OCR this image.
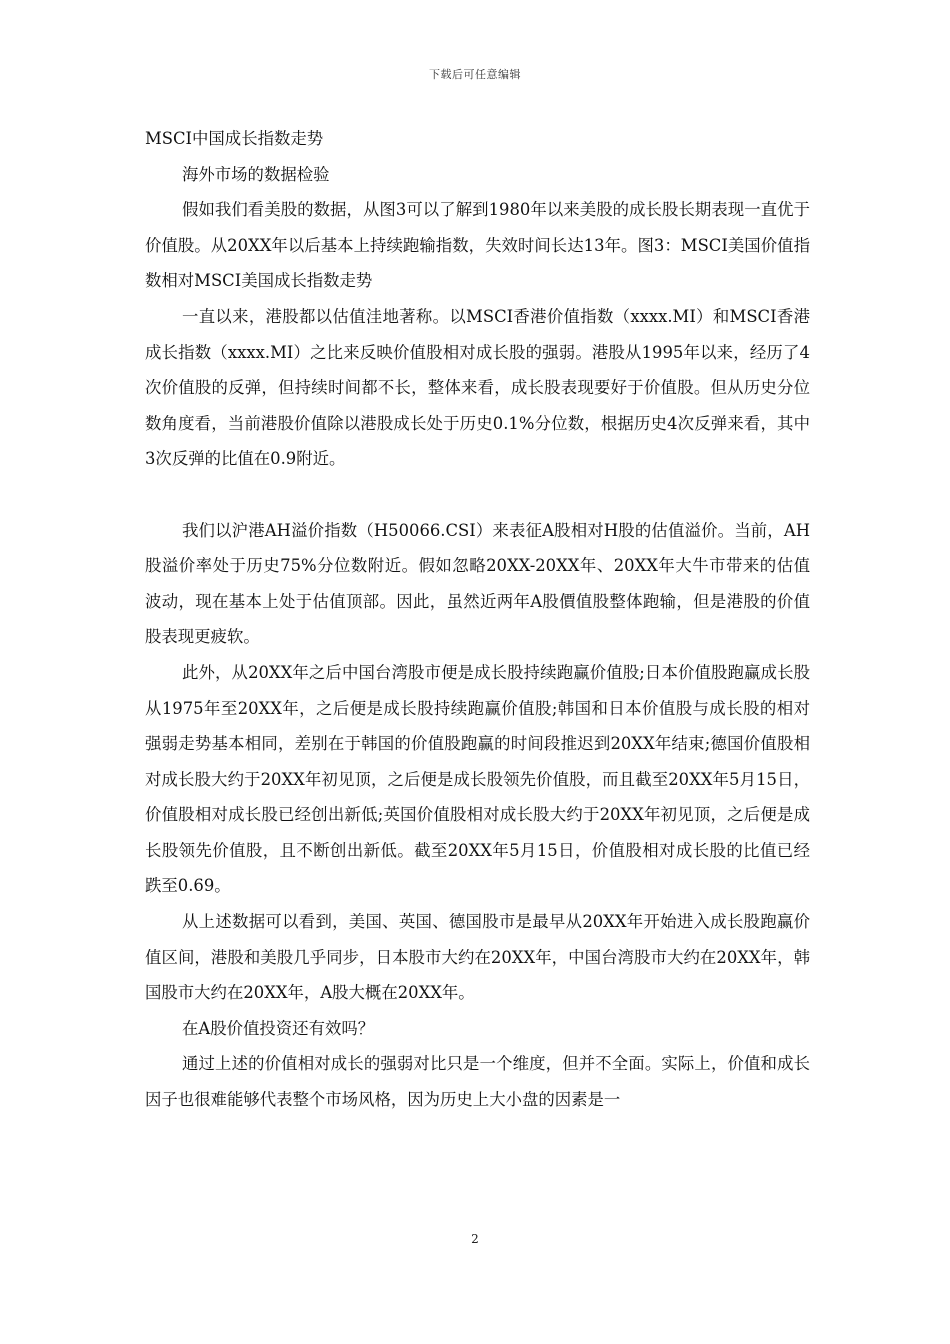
下载后可任意编辑

MSCI中国成长指数走势

海外市场的数据检验

假如我们看美股的数据，从图3可以了解到1980年以来美股的成长股长期表现一直优于价值股。从20XX年以后基本上持续跑输指数，失效时间长达13年。图3：MSCI美国价值指数相对MSCI美国成长指数走势

一直以来，港股都以估值洼地著称。以MSCI香港价值指数（xxxx.MI）和MSCI香港成长指数（xxxx.MI）之比来反映价值股相对成长股的强弱。港股从1995年以来，经历了4次价值股的反弹，但持续时间都不长，整体来看，成长股表现要好于价值股。但从历史分位数角度看，当前港股价值除以港股成长处于历史0.1%分位数，根据历史4次反弹来看，其中3次反弹的比值在0.9附近。

我们以沪港AH溢价指数（H50066.CSI）来表征A股相对H股的估值溢价。当前，AH股溢价率处于历史75%分位数附近。假如忽略20XX-20XX年、20XX年大牛市带来的估值波动，现在基本上处于估值顶部。因此，虽然近两年A股價值股整体跑输，但是港股的价值股表现更疲软。

此外，从20XX年之后中国台湾股市便是成长股持续跑赢价值股;日本价值股跑赢成长股从1975年至20XX年，之后便是成长股持续跑赢价值股;韩国和日本价值股与成长股的相对强弱走势基本相同，差别在于韩国的价值股跑赢的时间段推迟到20XX年结束;德国价值股相对成长股大约于20XX年初见顶，之后便是成长股领先价值股，而且截至20XX年5月15日，价值股相对成长股已经创出新低;英国价值股相对成长股大约于20XX年初见顶，之后便是成长股领先价值股，且不断创出新低。截至20XX年5月15日，价值股相对成长股的比值已经跌至0.69。

从上述数据可以看到，美国、英国、德国股市是最早从20XX年开始进入成长股跑赢价值区间，港股和美股几乎同步，日本股市大约在20XX年，中国台湾股市大约在20XX年，韩国股市大约在20XX年，A股大概在20XX年。

在A股价值投资还有效吗？

通过上述的价值相对成长的强弱对比只是一个维度，但并不全面。实际上，价值和成长因子也很难能够代表整个市场风格，因为历史上大小盘的因素是一

2
